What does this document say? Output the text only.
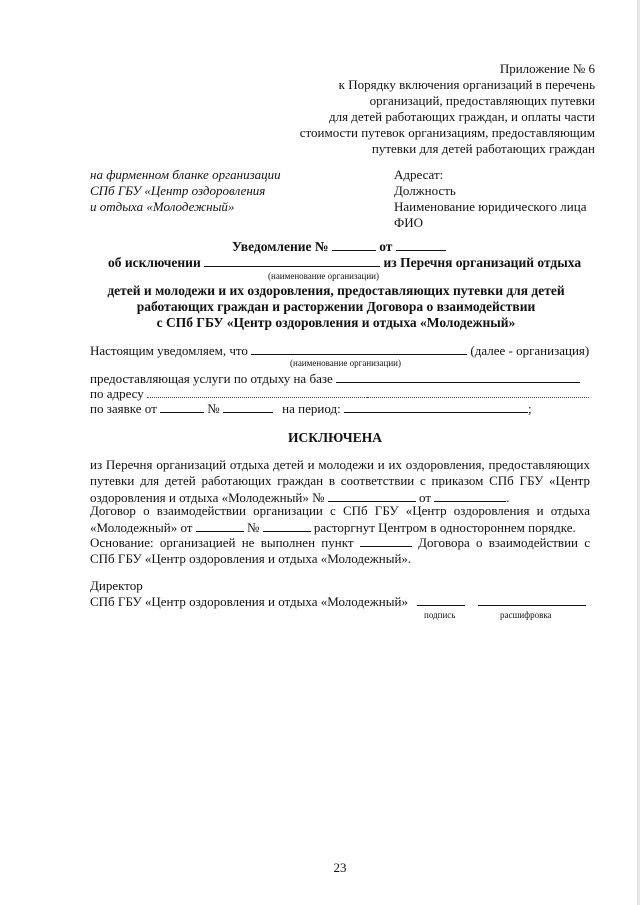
Приложение № 6
к Порядку включения организаций в перечень
организаций, предоставляющих путевки
для детей работающих граждан, и оплаты части
стоимости путевок организациям, предоставляющим
путевки для детей работающих граждан
на фирменном бланке организации
СПб ГБУ «Центр оздоровления
и отдыха «Молодежный»
Адресат:
Должность
Наименование юридического лица
ФИО
Уведомление №	от
об исключении	из Перечня организаций отдыха
(наименование организации)
детей и молодежи и их оздоровления, предоставляющих путевки для детей
работающих граждан и расторжении Договора о взаимодействии
с СПб ГБУ «Центр оздоровления и отдыха «Молодежный»
Настоящим уведомляем, что	(далее - организация)
(наименование организации)
предоставляющая услуги по отдыху на базе
по адресу
по заявке от	№	на период:	;
ИСКЛЮЧЕНА
из Перечня организаций отдыха детей и молодежи и их оздоровления, предоставляющих путевки для детей работающих граждан в соответствии с приказом СПб ГБУ «Центр оздоровления и отдыха «Молодежный» №	от	.
Договор о взаимодействии организации с СПб ГБУ «Центр оздоровления и отдыха «Молодежный» от	№	расторгнут Центром в одностороннем порядке.
Основание: организацией не выполнен пункт	Договора о взаимодействии с СПб ГБУ «Центр оздоровления и отдыха «Молодежный».
Директор
СПб ГБУ «Центр оздоровления и отдыха «Молодежный»
подпись	расшифровка
23
